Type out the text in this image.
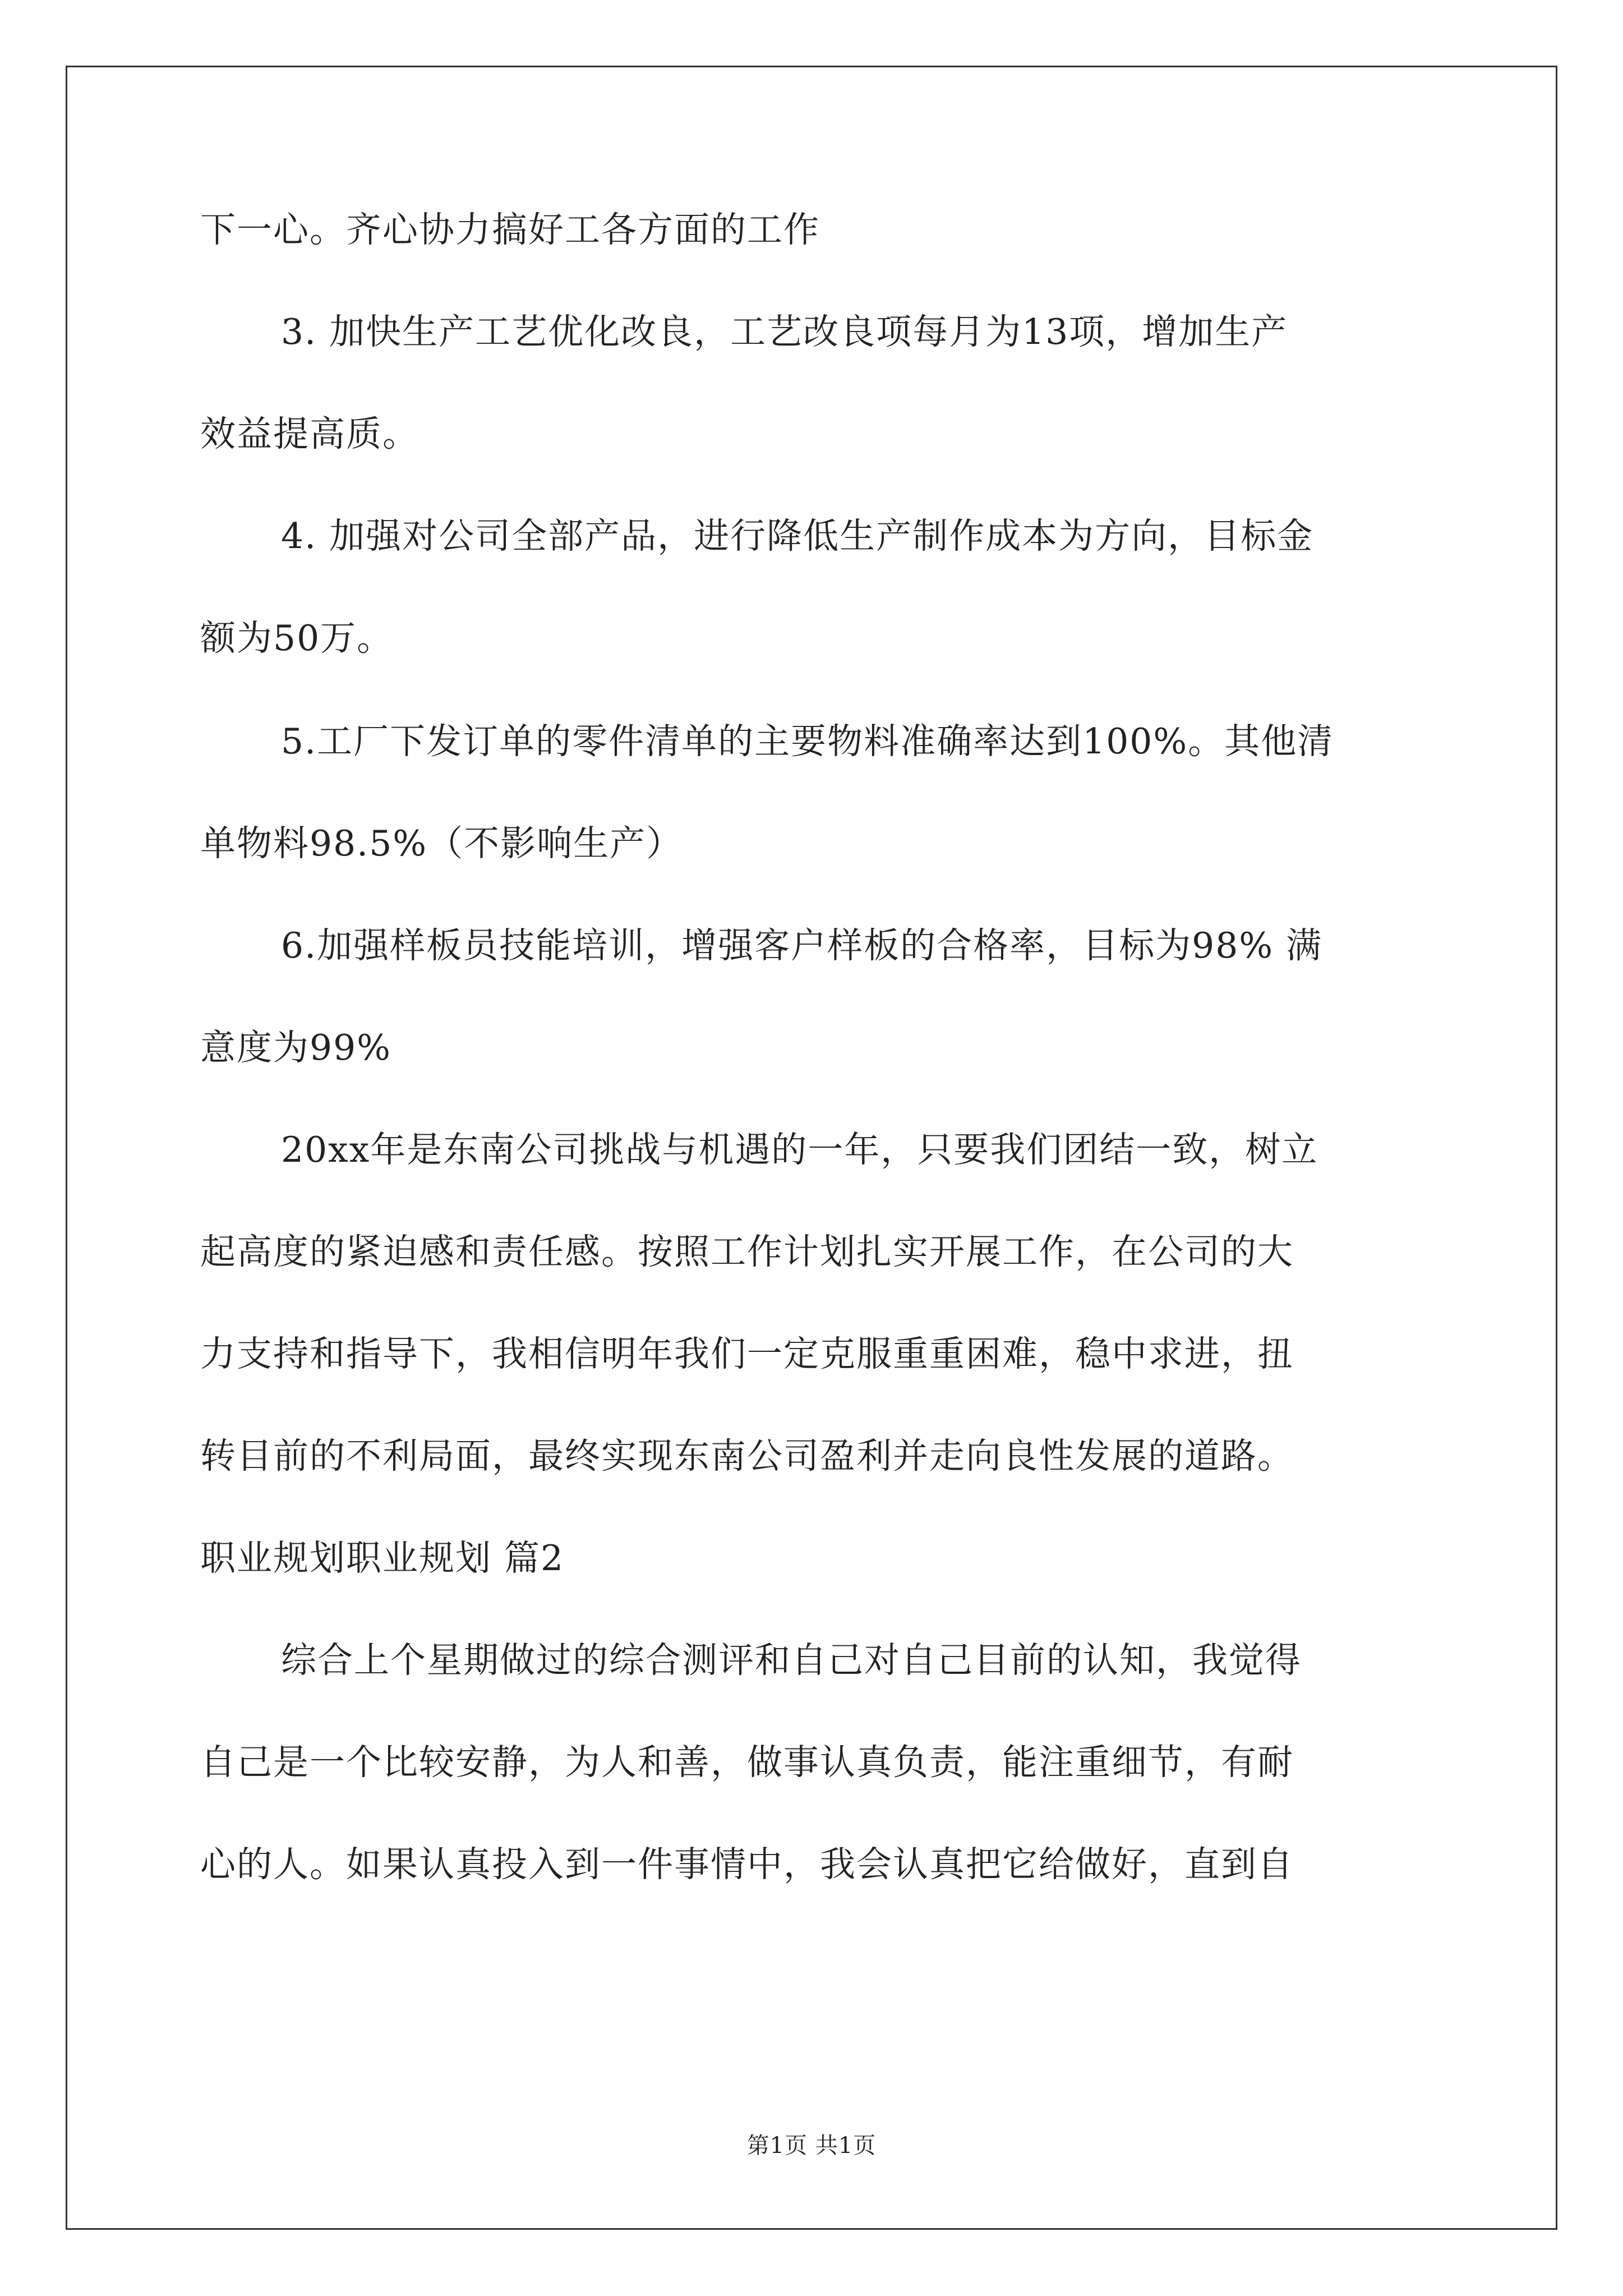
下一心。齐心协力搞好工各方面的工作
3. 加快生产工艺优化改良，工艺改良项每月为13项，增加生产
效益提高质。
4. 加强对公司全部产品，进行降低生产制作成本为方向，目标金
额为50万。
5.工厂下发订单的零件清单的主要物料准确率达到100%。其他清
单物料98.5%（不影响生产）
6.加强样板员技能培训，增强客户样板的合格率，目标为98% 满
意度为99%
20xx年是东南公司挑战与机遇的一年，只要我们团结一致，树立
起高度的紧迫感和责任感。按照工作计划扎实开展工作，在公司的大
力支持和指导下，我相信明年我们一定克服重重困难，稳中求进，扭
转目前的不利局面，最终实现东南公司盈利并走向良性发展的道路。
职业规划职业规划 篇2
综合上个星期做过的综合测评和自己对自己目前的认知，我觉得
自己是一个比较安静，为人和善，做事认真负责，能注重细节，有耐
心的人。如果认真投入到一件事情中，我会认真把它给做好，直到自
第1页 共1页
